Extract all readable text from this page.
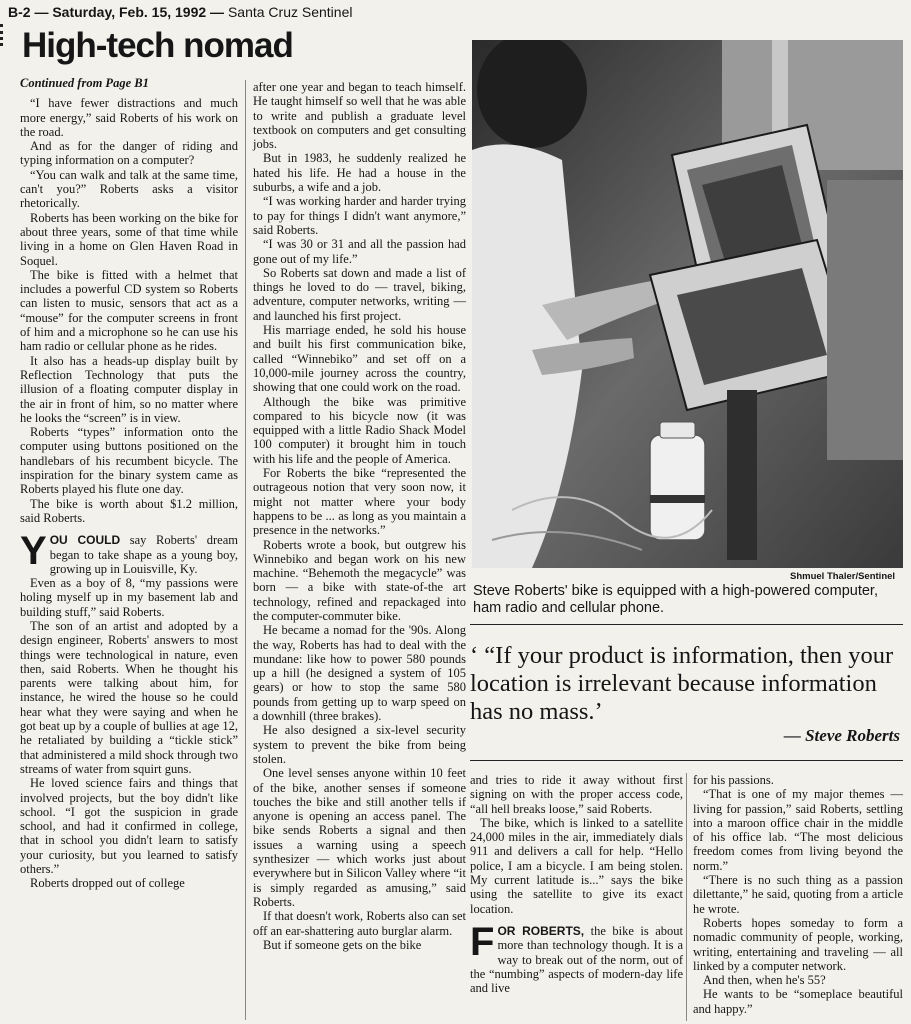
B-2 — Saturday, Feb. 15, 1992 — Santa Cruz Sentinel
High-tech nomad

Continued from Page B1

“I have fewer distractions and much more energy,” said Roberts of his work on the road.

And as for the danger of riding and typing information on a computer?

“You can walk and talk at the same time, can't you?” Roberts asks a visitor rhetorically.

Roberts has been working on the bike for about three years, some of that time while living in a home on Glen Haven Road in Soquel.

The bike is fitted with a helmet that includes a powerful CD system so Roberts can listen to music, sensors that act as a “mouse” for the computer screens in front of him and a microphone so he can use his ham radio or cellular phone as he rides.

It also has a heads-up display built by Reflection Technology that puts the illusion of a floating computer display in the air in front of him, so no matter where he looks the “screen” is in view.

Roberts “types” information onto the computer using buttons positioned on the handlebars of his recumbent bicycle. The inspiration for the binary system came as Roberts played his flute one day.

The bike is worth about $1.2 million, said Roberts.

YOU COULD say Roberts' dream began to take shape as a young boy, growing up in Louisville, Ky.

Even as a boy of 8, “my passions were holing myself up in my basement lab and building stuff,” said Roberts.

The son of an artist and adopted by a design engineer, Roberts' answers to most things were technological in nature, even then, said Roberts. When he thought his parents were talking about him, for instance, he wired the house so he could hear what they were saying and when he got beat up by a couple of bullies at age 12, he retaliated by building a “tickle stick” that administered a mild shock through two streams of water from squirt guns.

He loved science fairs and things that involved projects, but the boy didn't like school. “I got the suspicion in grade school, and had it confirmed in college, that in school you didn't learn to satisfy your curiosity, but you learned to satisfy others.”

Roberts dropped out of college

after one year and began to teach himself. He taught himself so well that he was able to write and publish a graduate level textbook on computers and get consulting jobs.

But in 1983, he suddenly realized he hated his life. He had a house in the suburbs, a wife and a job.

“I was working harder and harder trying to pay for things I didn't want anymore,” said Roberts.

“I was 30 or 31 and all the passion had gone out of my life.”

So Roberts sat down and made a list of things he loved to do — travel, biking, adventure, computer networks, writing — and launched his first project.

His marriage ended, he sold his house and built his first communication bike, called “Winnebiko” and set off on a 10,000-mile journey across the country, showing that one could work on the road.

Although the bike was primitive compared to his bicycle now (it was equipped with a little Radio Shack Model 100 computer) it brought him in touch with his life and the people of America.

For Roberts the bike “represented the outrageous notion that very soon now, it might not matter where your body happens to be ... as long as you maintain a presence in the networks.”

Roberts wrote a book, but outgrew his Winnebiko and began work on his new machine. “Behemoth the megacycle” was born — a bike with state-of-the art technology, refined and repackaged into the computer-commuter bike.

He became a nomad for the '90s. Along the way, Roberts has had to deal with the mundane: like how to power 580 pounds up a hill (he designed a system of 105 gears) or how to stop the same 580 pounds from getting up to warp speed on a downhill (three brakes).

He also designed a six-level security system to prevent the bike from being stolen.

One level senses anyone within 10 feet of the bike, another senses if someone touches the bike and still another tells if anyone is opening an access panel. The bike sends Roberts a signal and then issues a warning using a speech synthesizer — which works just about everywhere but in Silicon Valley where “it is simply regarded as amusing,” said Roberts.

If that doesn't work, Roberts also can set off an ear-shattering auto burglar alarm.

But if someone gets on the bike

Shmuel Thaler/Sentinel
Steve Roberts' bike is equipped with a high-powered computer, ham radio and cellular phone.
‘ “If your product is information, then your location is irrelevant because information has no mass.’
— Steve Roberts

and tries to ride it away without first signing on with the proper access code, “all hell breaks loose,” said Roberts.

The bike, which is linked to a satellite 24,000 miles in the air, immediately dials 911 and delivers a call for help. “Hello police, I am a bicycle. I am being stolen. My current latitude is...” says the bike using the satellite to give its exact location.

FOR ROBERTS, the bike is about more than technology though. It is a way to break out of the norm, out of the “numbing” aspects of modern-day life and live

for his passions.

“That is one of my major themes — living for passion,” said Roberts, settling into a maroon office chair in the middle of his office lab. “The most delicious freedom comes from living beyond the norm.”

“There is no such thing as a passion dilettante,” he said, quoting from a article he wrote.

Roberts hopes someday to form a nomadic community of people, working, writing, entertaining and traveling — all linked by a computer network.

And then, when he's 55?

He wants to be “someplace beautiful and happy.”
